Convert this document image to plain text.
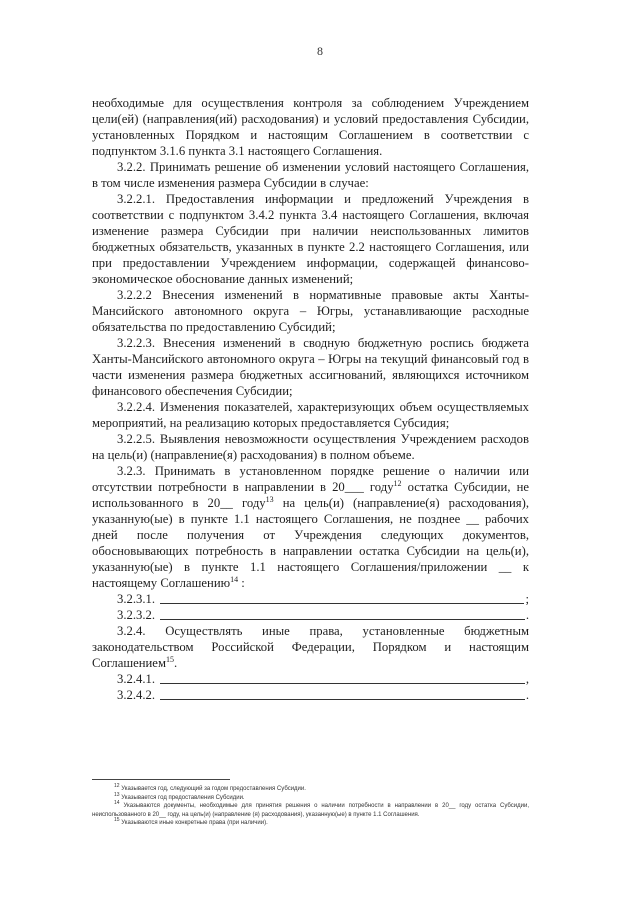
8

необходимые для осуществления контроля за соблюдением Учреждением цели(ей) (направления(ий) расходования) и условий предоставления Субсидии, установленных Порядком и настоящим Соглашением в соответствии с подпунктом 3.1.6 пункта 3.1 настоящего Соглашения.

3.2.2. Принимать решение об изменении условий настоящего Соглашения, в том числе изменения размера Субсидии в случае:

3.2.2.1. Предоставления информации и предложений Учреждения в соответствии с подпунктом 3.4.2 пункта 3.4 настоящего Соглашения, включая изменение размера Субсидии при наличии неиспользованных лимитов бюджетных обязательств, указанных в пункте 2.2 настоящего Соглашения, или при предоставлении Учреждением информации, содержащей финансово-экономическое обоснование данных изменений;

3.2.2.2 Внесения изменений в нормативные правовые акты Ханты-Мансийского автономного округа – Югры, устанавливающие расходные обязательства по предоставлению Субсидий;

3.2.2.3. Внесения изменений в сводную бюджетную роспись бюджета Ханты-Мансийского автономного округа – Югры на текущий финансовый год в части изменения размера бюджетных ассигнований, являющихся источником финансового обеспечения Субсидии;

3.2.2.4. Изменения показателей, характеризующих объем осуществляемых мероприятий, на реализацию которых предоставляется Субсидия;

3.2.2.5. Выявления невозможности осуществления Учреждением расходов на цель(и) (направление(я) расходования) в полном объеме.

3.2.3. Принимать в установленном порядке решение о наличии или отсутствии потребности в направлении в 20___ году$^{12}$ остатка Субсидии, не использованного в 20__ году$^{13}$ на цель(и) (направление(я) расходования), указанную(ые) в пункте 1.1 настоящего Соглашения, не позднее __ рабочих дней после получения от Учреждения следующих документов, обосновывающих потребность в направлении остатка Субсидии на цель(и), указанную(ые) в пункте 1.1 настоящего Соглашения/приложении __ к настоящему Соглашению$^{14}$ :

3.2.3.1.	;
3.2.3.2.	.

3.2.4. Осуществлять иные права, установленные бюджетным законодательством Российской Федерации, Порядком и настоящим Соглашением$^{15}$.

3.2.4.1.	,
3.2.4.2.	.

$^{12}$ Указывается год, следующий за годом предоставления Субсидии.

$^{13}$ Указывается год предоставления Субсидии.

$^{14}$ Указываются документы, необходимые для принятия решения о наличии потребности в направлении в 20__ году остатка Субсидии, неиспользованного в 20__ году, на цель(и) (направление (я) расходования), указанную(ые) в пункте 1.1 Соглашения.

$^{15}$ Указываются иные конкретные права (при наличии).
